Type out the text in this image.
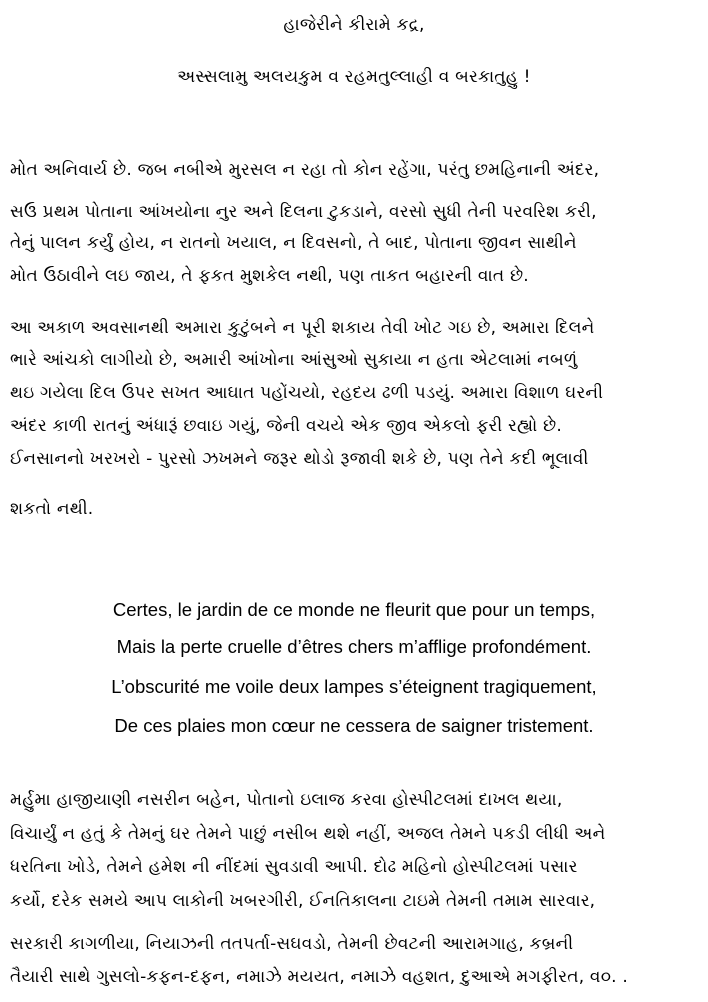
હાજેરીને કીરામે કદ્ર,
અસ્સલામુ અલયકુમ વ રહમતુલ્લાહી વ બરકાતુહુ !
મોત અનિવાર્ય છે. જબ નબીએ મુરસલ ન રહા તો કોન રહેંગા, પરંતુ છમહિનાની અંદર,
સઉ પ્રથમ પોતાના આંખયોના નુર અને દિલના ટુકડાને, વરસો સુધી તેની પરવરિશ કરી,
તેનું પાલન કર્યું હોય, ન રાતનો ખયાલ, ન દિવસનો, તે બાદ, પોતાના જીવન સાથીને
મોત ઉઠાવીને લઇ જાય, તે ફકત મુશકેલ નથી, પણ તાકત બહારની વાત છે.
આ અકાળ અવસાનથી અમારા કુટુંબને ન પૂરી શકાય તેવી ખોટ ગઇ છે, અમારા દિલને
ભારે આંચકો લાગીયો છે, અમારી આંખોના આંસુઓ સુકાયા ન હતા એટલામાં નબળું
થઇ ગયેલા દિલ ઉપર સખત આઘાત પહોંચયો, રહદય ઢળી પડયું. અમારા વિશાળ ઘરની
અંદર કાળી રાતનું અંધારૂં છવાઇ ગયું, જેની વચયે એક જીવ એકલો ફરી રહ્યો છે.
ઈનસાનનો ખરખરો - પુરસો ઝખમને જરૂર થોડો રૂજાવી શકે છે, પણ તેને કદી ભૂલાવી
શકતો નથી.
Certes, le jardin de ce monde ne fleurit que pour un temps,
Mais la perte cruelle d’êtres chers m’afflige profondément.
L’obscurité me voile deux lampes s’éteignent tragiquement,
De ces plaies mon cœur ne cessera de saigner tristement.
મર્હુમા હાજીયાણી નસરીન બહેન, પોતાનો ઇલાજ કરવા હોસ્પીટલમાં દાખલ થયા,
વિચાર્યું ન હતું કે તેમનું ઘર તેમને પાછું નસીબ થશે નહીં, અજલ તેમને પકડી લીધી અને
ધરતિના ખોડે, તેમને હમેશ ની નીંદમાં સુવડાવી આપી. દોઢ મહિનો હોસ્પીટલમાં પસાર
કર્યો, દરેક સમયે આપ લાકોની ખબરગીરી, ઈનતિકાલના ટાઇમે તેમની તમામ સારવાર,
સરકારી કાગળીયા, નિયાઝની તતપર્તા-સઘવડો, તેમની છેવટની આરામગાહ, કબ્રની
તૈયારી સાથે ગુસલો-કફન-દફન, નમાઝે મયયત, નમાઝે વહશત, દુઆએ મગફીરત, વ૦. .
